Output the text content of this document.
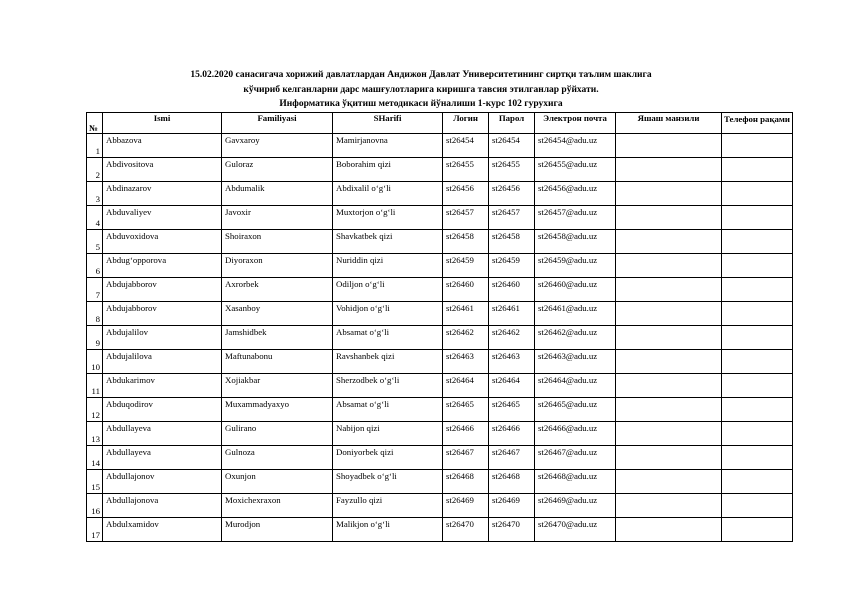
15.02.2020 санасигача хорижий давлатлардан Андижон Давлат Университетининг сиртқи таълим шаклига
кўчириб келганларни дарс машғулотларига киришга тавсия этилганлар рўйхати.
Информатика ўқитиш методикаси йўналиши 1-курс 102 гурухига
№	Ismi	Familiyasi	SHarifi	Логин	Парол	Электрон почта	Яшаш манзили	Телефон рақами
1	Abbazova	Gavxaroy	Mamirjanovna	st26454	st26454	st26454@adu.uz		
2	Abdivositova	Guloraz	Boborahim qizi	st26455	st26455	st26455@adu.uz		
3	Abdinazarov	Abdumalik	Abdixalil o‘g‘li	st26456	st26456	st26456@adu.uz		
4	Abduvaliyev	Javoxir	Muxtorjon o‘g‘li	st26457	st26457	st26457@adu.uz		
5	Abduvoxidova	Shoiraxon	Shavkatbek qizi	st26458	st26458	st26458@adu.uz		
6	Abdug‘opporova	Diyoraxon	Nuriddin qizi	st26459	st26459	st26459@adu.uz		
7	Abdujabborov	Axrorbek	Odiljon o‘g‘li	st26460	st26460	st26460@adu.uz		
8	Abdujabborov	Xasanboy	Vohidjon o‘g‘li	st26461	st26461	st26461@adu.uz		
9	Abdujalilov	Jamshidbek	Absamat o‘g‘li	st26462	st26462	st26462@adu.uz		
10	Abdujalilova	Maftunabonu	Ravshanbek qizi	st26463	st26463	st26463@adu.uz		
11	Abdukarimov	Xojiakbar	Sherzodbek o‘g‘li	st26464	st26464	st26464@adu.uz		
12	Abduqodirov	Muxammadyaxyo	Absamat o‘g‘li	st26465	st26465	st26465@adu.uz		
13	Abdullayeva	Gulirano	Nabijon qizi	st26466	st26466	st26466@adu.uz		
14	Abdullayeva	Gulnoza	Doniyorbek qizi	st26467	st26467	st26467@adu.uz		
15	Abdullajonov	Oxunjon	Shoyadbek o‘g‘li	st26468	st26468	st26468@adu.uz		
16	Abdullajonova	Moxichexraxon	Fayzullo qizi	st26469	st26469	st26469@adu.uz		
17	Abdulxamidov	Murodjon	Malikjon o‘g‘li	st26470	st26470	st26470@adu.uz		
